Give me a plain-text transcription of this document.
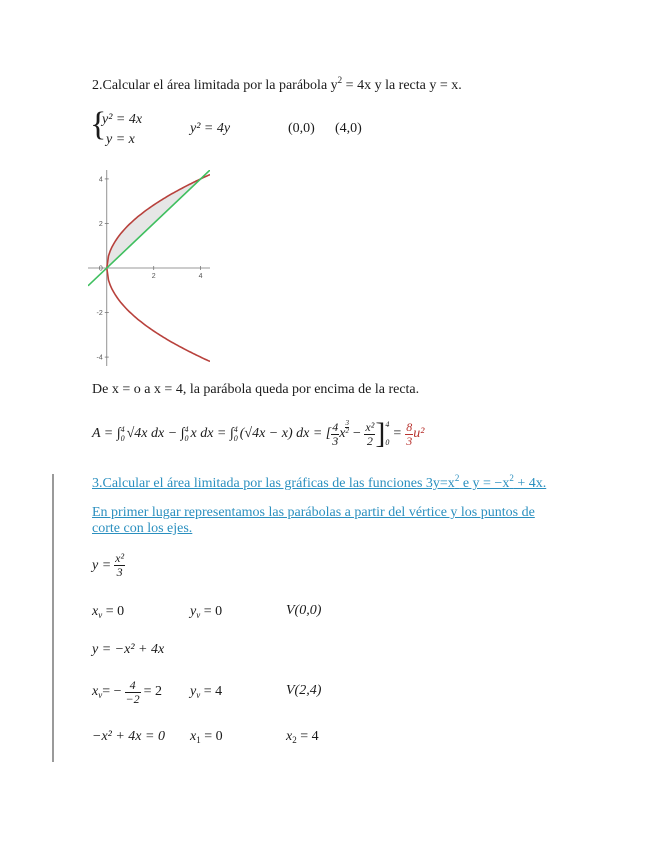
2.Calcular el área limitada por la parábola $y^2 = 4x$ y la recta y = x.
{
y² = 4x
y = x
y² = 4y	(0,0) (4,0)
2	4
4
2
0
-2
-4
De x = o a x = 4, la parábola queda por encima de la recta.
A = ∫ 4
0 √4x dx − ∫ 4
0 x dx = ∫ 4
0 (√4x − x) dx = [ $\frac{4}{3}$ x
3
$2 - \frac{\text{x²}}{2}$ ] 4
0
= $\frac{8}{3} u^2$
3.Calcular el área limitada por las gráficas de las funciones $3y=x^2$ e $y = -x^2 + 4x$.
En primer lugar representamos las parábolas a partir del vértice y los puntos de corte con los ejes.
$y = \frac{\text{x²}}{3}$
$x_v = 0$	$y_v = 0$	V(0,0)
y = −x² + 4x
x v = − $\frac{4}{-2} = 2$ $y_v = 4$	V(2,4)
−x² + 4x = 0 $x_1 = 0$	$x_2 = 4$
